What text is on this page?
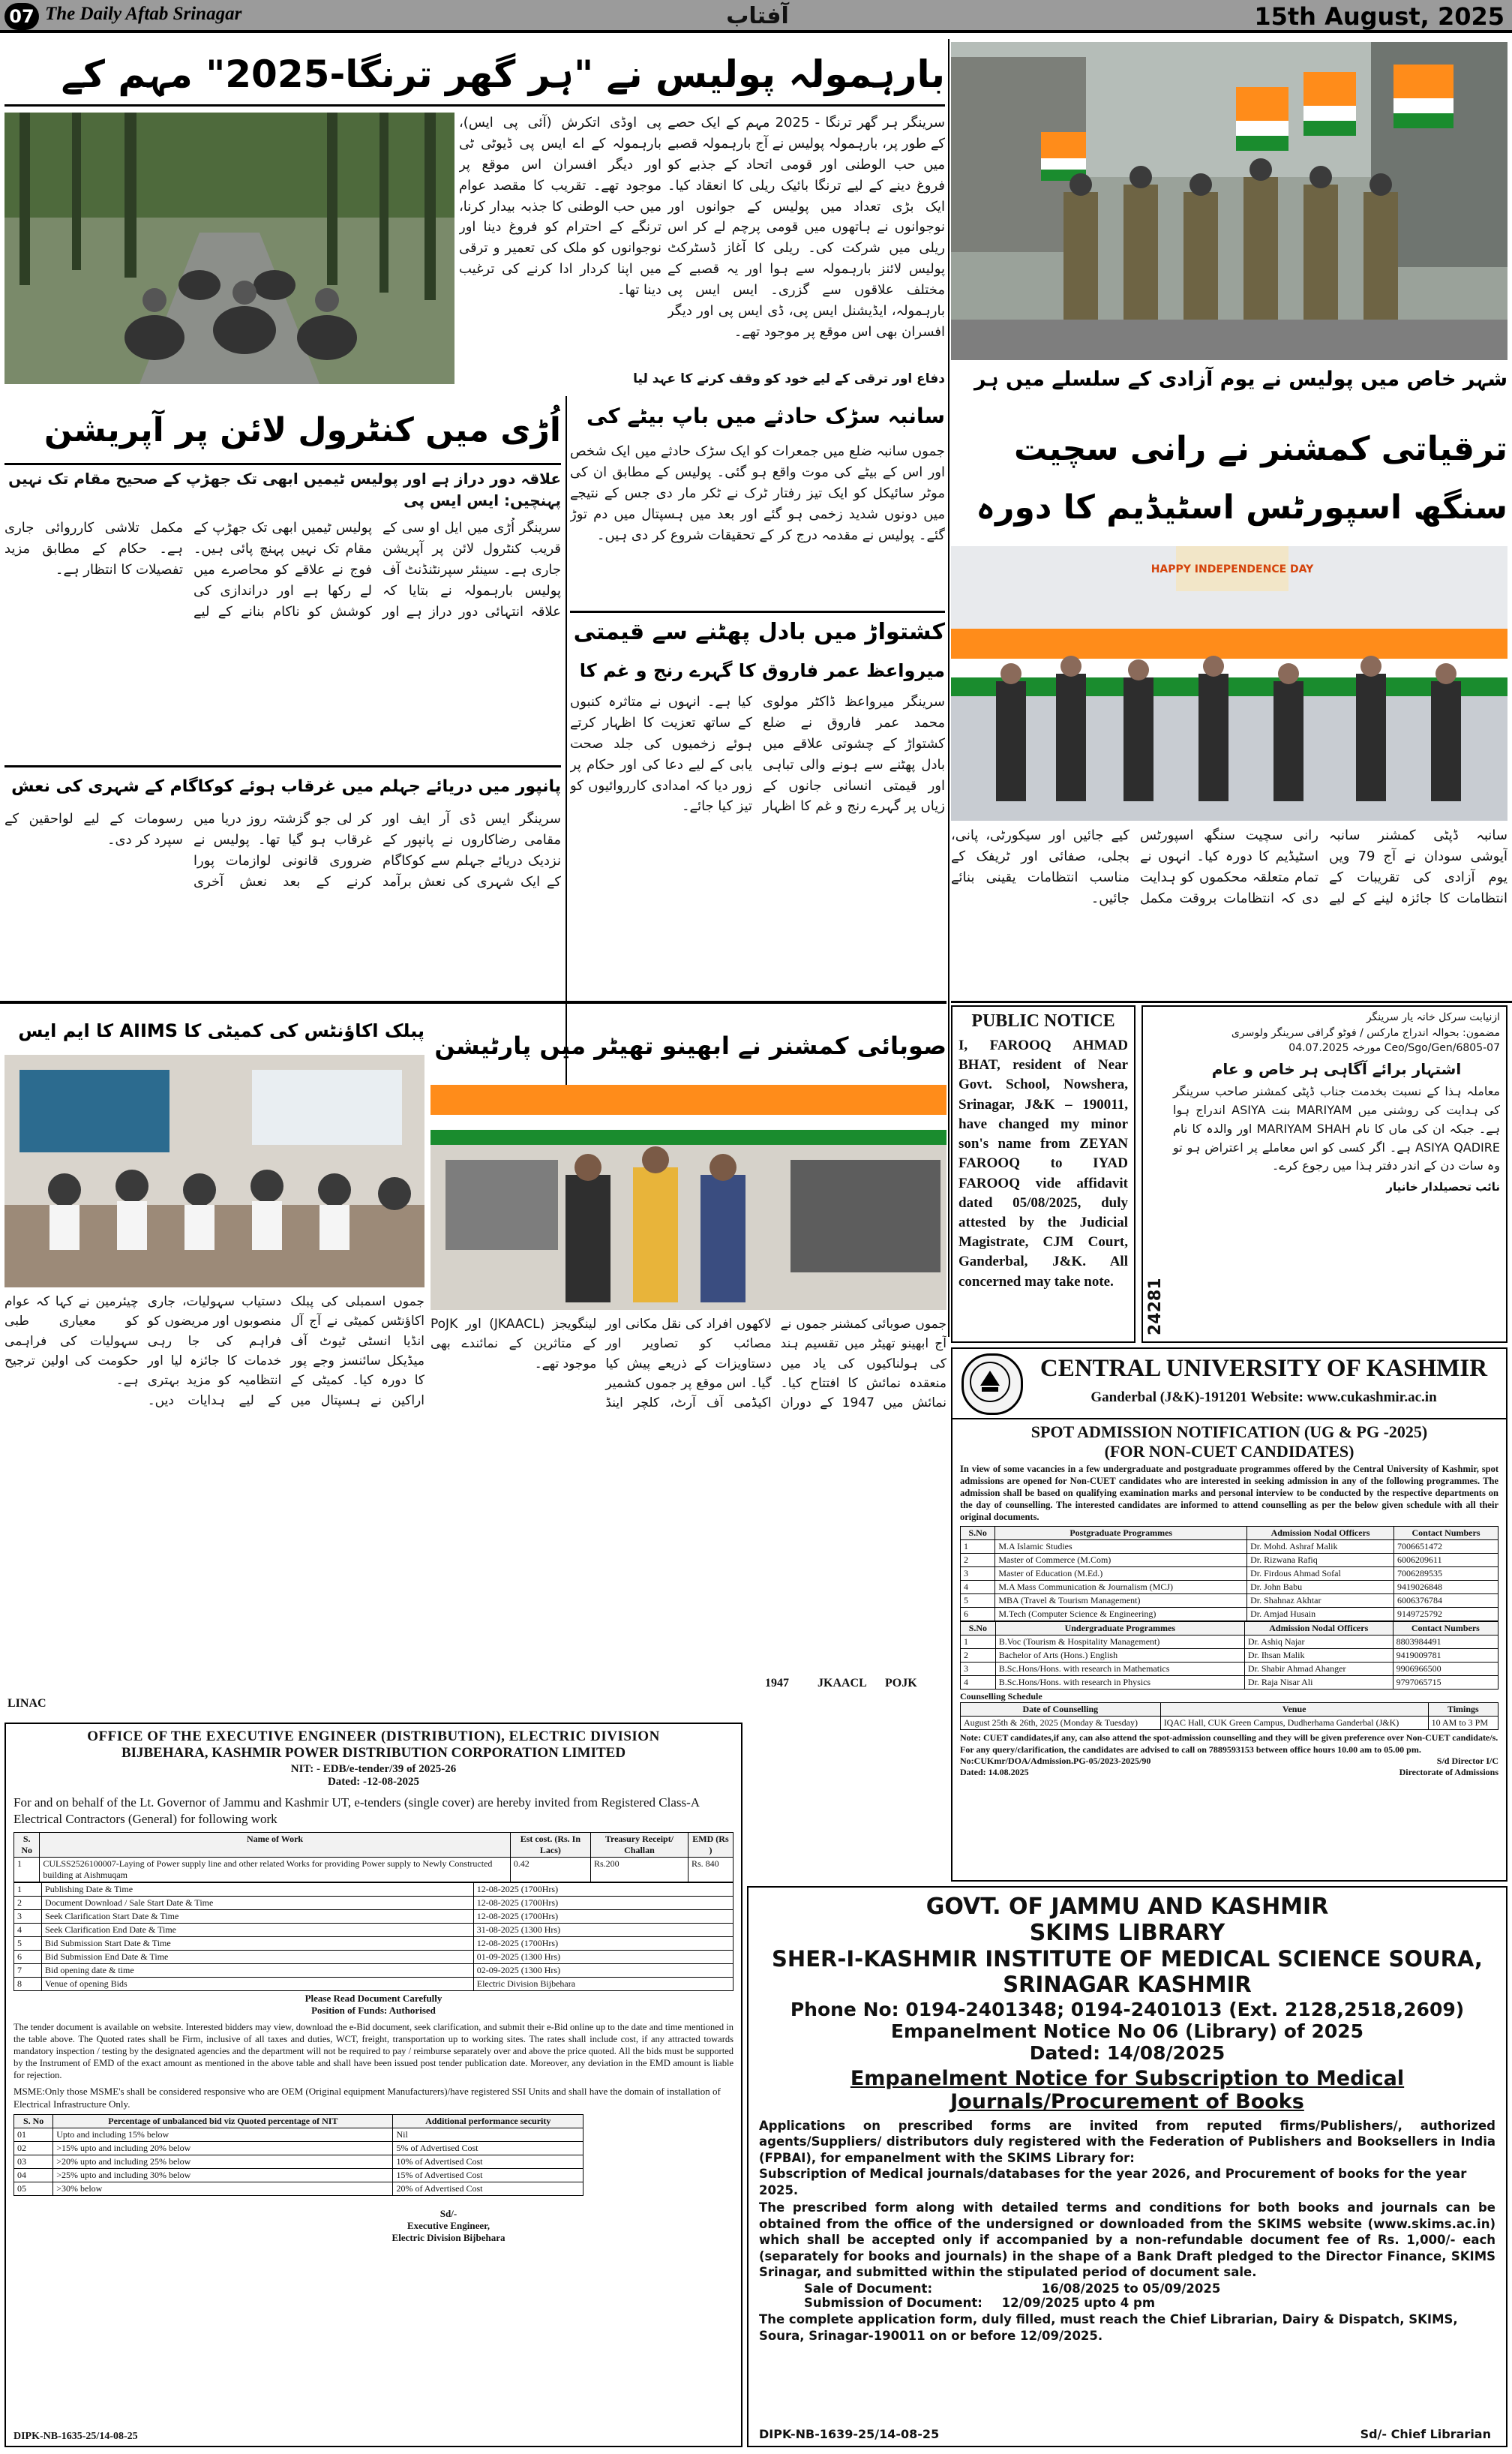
07 The Daily Aftab Srinagar	آفتاب	15th August, 2025
بارہمولہ پولیس نے "ہر گھر ترنگا-2025" مہم کے
پی اوڈی اتکرش (آئی پی ایس)، بارہمولہ کے اے ایس پی ڈیوٹی ٹی اور دیگر افسران اس موقع پر موجود تھے۔ تقریب کا مقصد عوام میں حب الوطنی کا جذبہ بیدار کرنا، ترنگے کے احترام کو فروغ دینا اور نوجوانوں کو ملک کی تعمیر و ترقی میں اپنا کردار ادا کرنے کی ترغیب دینا تھا۔
سرینگر ہر گھر ترنگا - 2025 مہم کے ایک حصے کے طور پر، بارہمولہ پولیس نے آج بارہمولہ قصبے میں حب الوطنی اور قومی اتحاد کے جذبے کو فروغ دینے کے لیے ترنگا بائیک ریلی کا انعقاد کیا۔ ایک بڑی تعداد میں پولیس کے جوانوں اور نوجوانوں نے ہاتھوں میں قومی پرچم لے کر اس ریلی میں شرکت کی۔ ریلی کا آغاز ڈسٹرکٹ پولیس لائنز بارہمولہ سے ہوا اور یہ قصبے کے مختلف علاقوں سے گزری۔ ایس ایس پی بارہمولہ، ایڈیشنل ایس پی، ڈی ایس پی اور دیگر افسران بھی اس موقع پر موجود تھے۔
دفاع اور ترقی کے لیے خود کو وقف کرنے کا عہد لیا	شہر خاص میں پولیس نے یوم آزادی کے سلسلے میں ہر
اُڑی میں کنٹرول لائن پر آپریشن
علاقہ دور دراز ہے اور پولیس ٹیمیں ابھی تک جھڑپ کے صحیح مقام تک نہیں پہنچیں: ایس ایس پی
سرینگر اُڑی میں ایل او سی کے قریب کنٹرول لائن پر آپریشن جاری ہے۔ سینئر سپرنٹنڈنٹ آف پولیس بارہمولہ نے بتایا کہ علاقہ انتہائی دور دراز ہے اور پولیس ٹیمیں ابھی تک جھڑپ کے مقام تک نہیں پہنچ پائی ہیں۔ فوج نے علاقے کو محاصرے میں لے رکھا ہے اور دراندازی کی کوشش کو ناکام بنانے کے لیے مکمل تلاشی کارروائی جاری ہے۔ حکام کے مطابق مزید تفصیلات کا انتظار ہے۔
سانبہ سڑک حادثے میں باپ بیٹے کی
جموں سانبہ ضلع میں جمعرات کو ایک سڑک حادثے میں ایک شخص اور اس کے بیٹے کی موت واقع ہو گئی۔ پولیس کے مطابق ان کی موٹر سائیکل کو ایک تیز رفتار ٹرک نے ٹکر مار دی جس کے نتیجے میں دونوں شدید زخمی ہو گئے اور بعد میں ہسپتال میں دم توڑ گئے۔ پولیس نے مقدمہ درج کر کے تحقیقات شروع کر دی ہیں۔
کشتواڑ میں بادل پھٹنے سے قیمتی
میرواعظ عمر فاروق کا گہرے رنج و غم کا
سرینگر میرواعظ ڈاکٹر مولوی محمد عمر فاروق نے ضلع کشتواڑ کے چشوتی علاقے میں بادل پھٹنے سے ہونے والی تباہی اور قیمتی انسانی جانوں کے زیاں پر گہرے رنج و غم کا اظہار کیا ہے۔ انہوں نے متاثرہ کنبوں کے ساتھ تعزیت کا اظہار کرتے ہوئے زخمیوں کی جلد صحت یابی کے لیے دعا کی اور حکام پر زور دیا کہ امدادی کارروائیوں کو تیز کیا جائے۔
ترقیاتی کمشنر نے رانی سچیت سنگھ اسپورٹس اسٹیڈیم کا دورہ
HAPPY INDEPENDENCE DAY
سانبہ ڈپٹی کمشنر سانبہ آیوشی سودان نے آج 79 ویں یوم آزادی کی تقریبات کے انتظامات کا جائزہ لینے کے لیے رانی سچیت سنگھ اسپورٹس اسٹیڈیم کا دورہ کیا۔ انہوں نے تمام متعلقہ محکموں کو ہدایت دی کہ انتظامات بروقت مکمل کیے جائیں اور سیکورٹی، پانی، بجلی، صفائی اور ٹریفک کے مناسب انتظامات یقینی بنائے جائیں۔
پانپور میں دریائے جہلم میں غرقاب ہوئے کوکاگام کے شہری کی نعش
سرینگر ایس ڈی آر ایف اور مقامی رضاکاروں نے پانپور کے نزدیک دریائے جہلم سے کوکاگام کے ایک شہری کی نعش برآمد کر لی جو گزشتہ روز دریا میں غرقاب ہو گیا تھا۔ پولیس نے ضروری قانونی لوازمات پورا کرنے کے بعد نعش آخری رسومات کے لیے لواحقین کے سپرد کر دی۔
پبلک اکاؤنٹس کی کمیٹی کا AIIMS کا ایم ایس
جموں اسمبلی کی پبلک اکاؤنٹس کمیٹی نے آج آل انڈیا انسٹی ٹیوٹ آف میڈیکل سائنسز وجے پور کا دورہ کیا۔ کمیٹی کے اراکین نے ہسپتال میں دستیاب سہولیات، جاری منصوبوں اور مریضوں کو فراہم کی جا رہی خدمات کا جائزہ لیا اور انتظامیہ کو مزید بہتری کے لیے ہدایات دیں۔ چیئرمین نے کہا کہ عوام کو معیاری طبی سہولیات کی فراہمی حکومت کی اولین ترجیح ہے۔
LINAC
صوبائی کمشنر نے ابھینو تھیٹر میں پارٹیشن
جموں صوبائی کمشنر جموں نے آج ابھینو تھیٹر میں تقسیم ہند کی ہولناکیوں کی یاد میں منعقدہ نمائش کا افتتاح کیا۔ نمائش میں 1947 کے دوران لاکھوں افراد کی نقل مکانی اور مصائب کو تصاویر اور دستاویزات کے ذریعے پیش کیا گیا۔ اس موقع پر جموں کشمیر اکیڈمی آف آرٹ، کلچر اینڈ لینگویجز (JKAACL) اور PoJK کے متاثرین کے نمائندے بھی موجود تھے۔
1947	JKAACL	POJK
PUBLIC NOTICE
I, FAROOQ AHMAD BHAT, resident of Near Govt. School, Nowshera, Srinagar, J&K – 190011, have changed my minor son's name from ZEYAN FAROOQ to IYAD FAROOQ vide affidavit dated 05/08/2025, duly attested by the Judicial Magistrate, CJM Court, Ganderbal, J&K. All concerned may take note.
ازنیابت سرکل خانہ یار سرینگر
مضمون: بحوالہ اندراج مارکس / فوٹو گرافی سرینگر ولوسری Ceo/Sgo/Gen/6805-07 مورخہ 04.07.2025
اشتہار برائے آگاہی ہر خاص و عام
معاملہ ہذا کے نسبت بخدمت جناب ڈپٹی کمشنر صاحب سرینگر کی ہدایت کی روشنی میں MARIYAM بنت ASIYA اندراج ہوا ہے۔ جبکہ ان کی ماں کا نام MARIYAM SHAH اور والدہ کا نام ASIYA QADIRE ہے۔ اگر کسی کو اس معاملے پر اعتراض ہو تو وہ سات دن کے اندر دفتر ہذا میں رجوع کرے۔
نائب تحصیلدار خانیار
24281
CENTRAL UNIVERSITY OF KASHMIR
Ganderbal (J&K)-191201 Website: www.cukashmir.ac.in
SPOT ADMISSION NOTIFICATION (UG & PG -2025)
(FOR NON-CUET CANDIDATES)
In view of some vacancies in a few undergraduate and postgraduate programmes offered by the Central University of Kashmir, spot admissions are opened for Non-CUET candidates who are interested in seeking admission in any of the following programmes. The admission shall be based on qualifying examination marks and personal interview to be conducted by the respective departments on the day of counselling. The interested candidates are informed to attend counselling as per the below given schedule with all their original documents.
S.No	Postgraduate Programmes	Admission Nodal Officers	Contact Numbers
1	M.A Islamic Studies	Dr. Mohd. Ashraf Malik	7006651472
2	Master of Commerce (M.Com)	Dr. Rizwana Rafiq	6006209611
3	Master of Education (M.Ed.)	Dr. Firdous Ahmad Sofal	7006289535
4	M.A Mass Communication & Journalism (MCJ)	Dr. John Babu	9419026848
5	MBA (Travel & Tourism Management)	Dr. Shahnaz Akhtar	6006376784
6	M.Tech (Computer Science & Engineering)	Dr. Amjad Husain	9149725792
S.No	Undergraduate Programmes	Admission Nodal Officers	Contact Numbers
1	B.Voc (Tourism & Hospitality Management)	Dr. Ashiq Najar	8803984491
2	Bachelor of Arts (Hons.) English	Dr. Ihsan Malik	9419009781
3	B.Sc.Hons/Hons. with research in Mathematics	Dr. Shabir Ahmad Ahanger	9906966500
4	B.Sc.Hons/Hons. with research in Physics	Dr. Raja Nisar Ali	9797065715
Counselling Schedule
Date of Counselling	Venue	Timings
August 25th & 26th, 2025 (Monday & Tuesday)	IQAC Hall, CUK Green Campus, Dudherhama Ganderbal (J&K)	10 AM to 3 PM
Note: CUET candidates,if any, can also attend the spot-admission counselling and they will be given preference over Non-CUET candidate/s. For any query/clarification, the candidates are advised to call on 7889593153 between office hours 10.00 am to 05.00 pm.
No:CUKmr/DOA/Admission.PG-05/2023-2025/90	S/d Director I/C
Dated: 14.08.2025	Directorate of Admissions
OFFICE OF THE EXECUTIVE ENGINEER (DISTRIBUTION), ELECTRIC DIVISION
BIJBEHARA, KASHMIR POWER DISTRIBUTION CORPORATION LIMITED
NIT: - EDB/e-tender/39 of 2025-26
Dated: -12-08-2025
For and on behalf of the Lt. Governor of Jammu and Kashmir UT, e-tenders (single cover) are hereby invited from Registered Class-A Electrical Contractors (General) for following work
S. No	Name of Work	Est cost. (Rs. In Lacs)	Treasury Receipt/ Challan	EMD (Rs )
1	CULSS2526100007-Laying of Power supply line and other related Works for providing Power supply to Newly Constructed building at Aishmuqam	0.42	Rs.200	Rs. 840
1	Publishing Date & Time	12-08-2025 (1700Hrs)
2	Document Download / Sale Start Date & Time	12-08-2025 (1700Hrs)
3	Seek Clarification Start Date & Time	12-08-2025 (1700Hrs)
4	Seek Clarification End Date & Time	31-08-2025 (1300 Hrs)
5	Bid Submission Start Date & Time	12-08-2025 (1700Hrs)
6	Bid Submission End Date & Time	01-09-2025 (1300 Hrs)
7	Bid opening date & time	02-09-2025 (1300 Hrs)
8	Venue of opening Bids	Electric Division Bijbehara
Please Read Document Carefully
Position of Funds: Authorised
The tender document is available on website. Interested bidders may view, download the e-Bid document, seek clarification, and submit their e-Bid online up to the date and time mentioned in the table above. The Quoted rates shall be Firm, inclusive of all taxes and duties, WCT, freight, transportation up to working sites. The rates shall include cost, if any attracted towards mandatory inspection / testing by the designated agencies and the department will not be required to pay / reimburse separately over and above the price quoted. All the bids must be supported by the Instrument of EMD of the exact amount as mentioned in the above table and shall have been issued post tender publication date. Moreover, any deviation in the EMD amount is liable for rejection.
MSME:Only those MSME's shall be considered responsive who are OEM (Original equipment Manufacturers)/have registered SSI Units and shall have the domain of installation of Electrical Infrastructure Only.
S. No	Percentage of unbalanced bid viz Quoted percentage of NIT	Additional performance security
01	Upto and including 15% below	Nil
02	>15% upto and including 20% below	5% of Advertised Cost
03	>20% upto and including 25% below	10% of Advertised Cost
04	>25% upto and including 30% below	15% of Advertised Cost
05	>30% below	20% of Advertised Cost
Sd/-
Executive Engineer,
Electric Division Bijbehara
DIPK-NB-1635-25/14-08-25
GOVT. OF JAMMU AND KASHMIR
SKIMS LIBRARY
SHER-I-KASHMIR INSTITUTE OF MEDICAL SCIENCE SOURA,
SRINAGAR KASHMIR
Phone No: 0194-2401348; 0194-2401013 (Ext. 2128,2518,2609)
Empanelment Notice No 06 (Library) of 2025
Dated: 14/08/2025
Empanelment Notice for Subscription to Medical
Journals/Procurement of Books
Applications on prescribed forms are invited from reputed firms/Publishers/, authorized agents/Suppliers/ distributors duly registered with the Federation of Publishers and Booksellers in India (FPBAI), for empanelment with the SKIMS Library for:
Subscription of Medical journals/databases for the year 2026, and Procurement of books for the year 2025.
The prescribed form along with detailed terms and conditions for both books and journals can be obtained from the office of the undersigned or downloaded from the SKIMS website (www.skims.ac.in) which shall be accepted only if accompanied by a non-refundable document fee of Rs. 1,000/- each (separately for books and journals) in the shape of a Bank Draft pledged to the Director Finance, SKIMS Srinagar, and submitted within the stipulated period of document sale.
Sale of Document:	16/08/2025 to 05/09/2025
Submission of Document: 12/09/2025 upto 4 pm
The complete application form, duly filled, must reach the Chief Librarian, Dairy & Dispatch, SKIMS, Soura, Srinagar-190011 on or before 12/09/2025.
Sd/- Chief Librarian
DIPK-NB-1639-25/14-08-25
